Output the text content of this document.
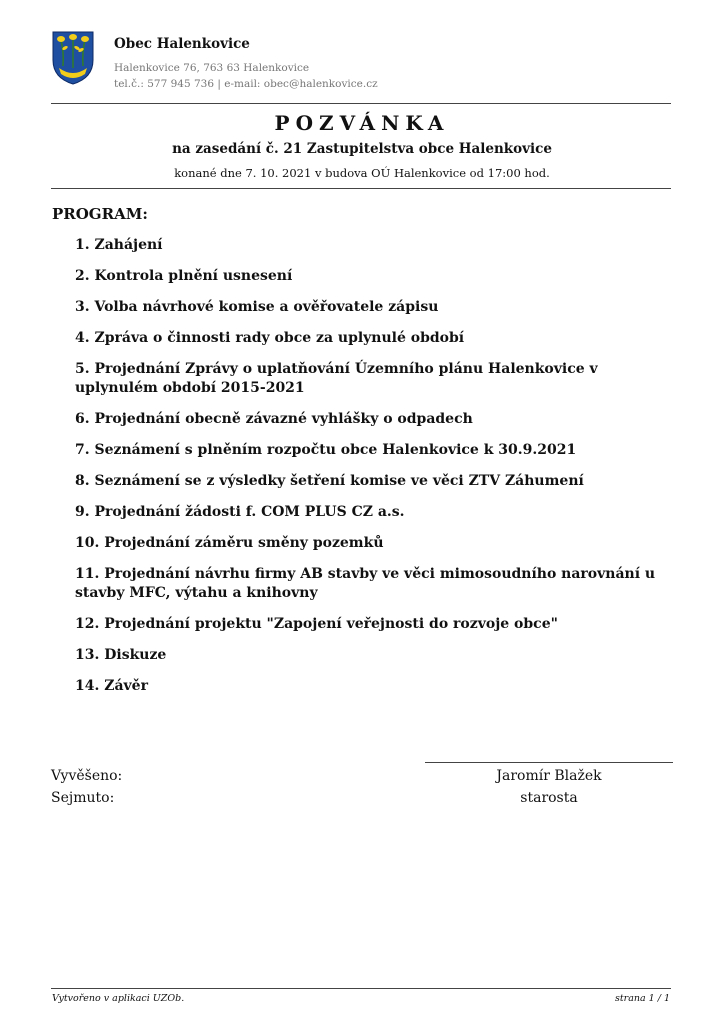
Obec Halenkovice
Halenkovice 76, 763 63 Halenkovice
tel.č.: 577 945 736 | e-mail: obec@halenkovice.cz
POZVÁNKA
na zasedání č. 21 Zastupitelstva obce Halenkovice
konané dne 7. 10. 2021 v budova OÚ Halenkovice od 17:00 hod.
PROGRAM:
1. Zahájení
2. Kontrola plnění usnesení
3. Volba návrhové komise a ověřovatele zápisu
4. Zpráva o činnosti rady obce za uplynulé období
5. Projednání Zprávy o uplatňování Územního plánu Halenkovice v uplynulém období 2015-2021
6. Projednání obecně závazné vyhlášky o odpadech
7. Seznámení s plněním rozpočtu obce Halenkovice k 30.9.2021
8. Seznámení se z výsledky šetření komise ve věci ZTV Záhumení
9. Projednání žádosti f. COM PLUS CZ a.s.
10. Projednání záměru směny pozemků
11. Projednání návrhu firmy AB stavby ve věci mimosoudního narovnání u stavby MFC, výtahu a knihovny
12. Projednání projektu "Zapojení veřejnosti do rozvoje obce"
13. Diskuze
14. Závěr
Vyvěšeno:
Sejmuto:
Jaromír Blažek
starosta
Vytvořeno v aplikaci UZOb.	strana 1 / 1
